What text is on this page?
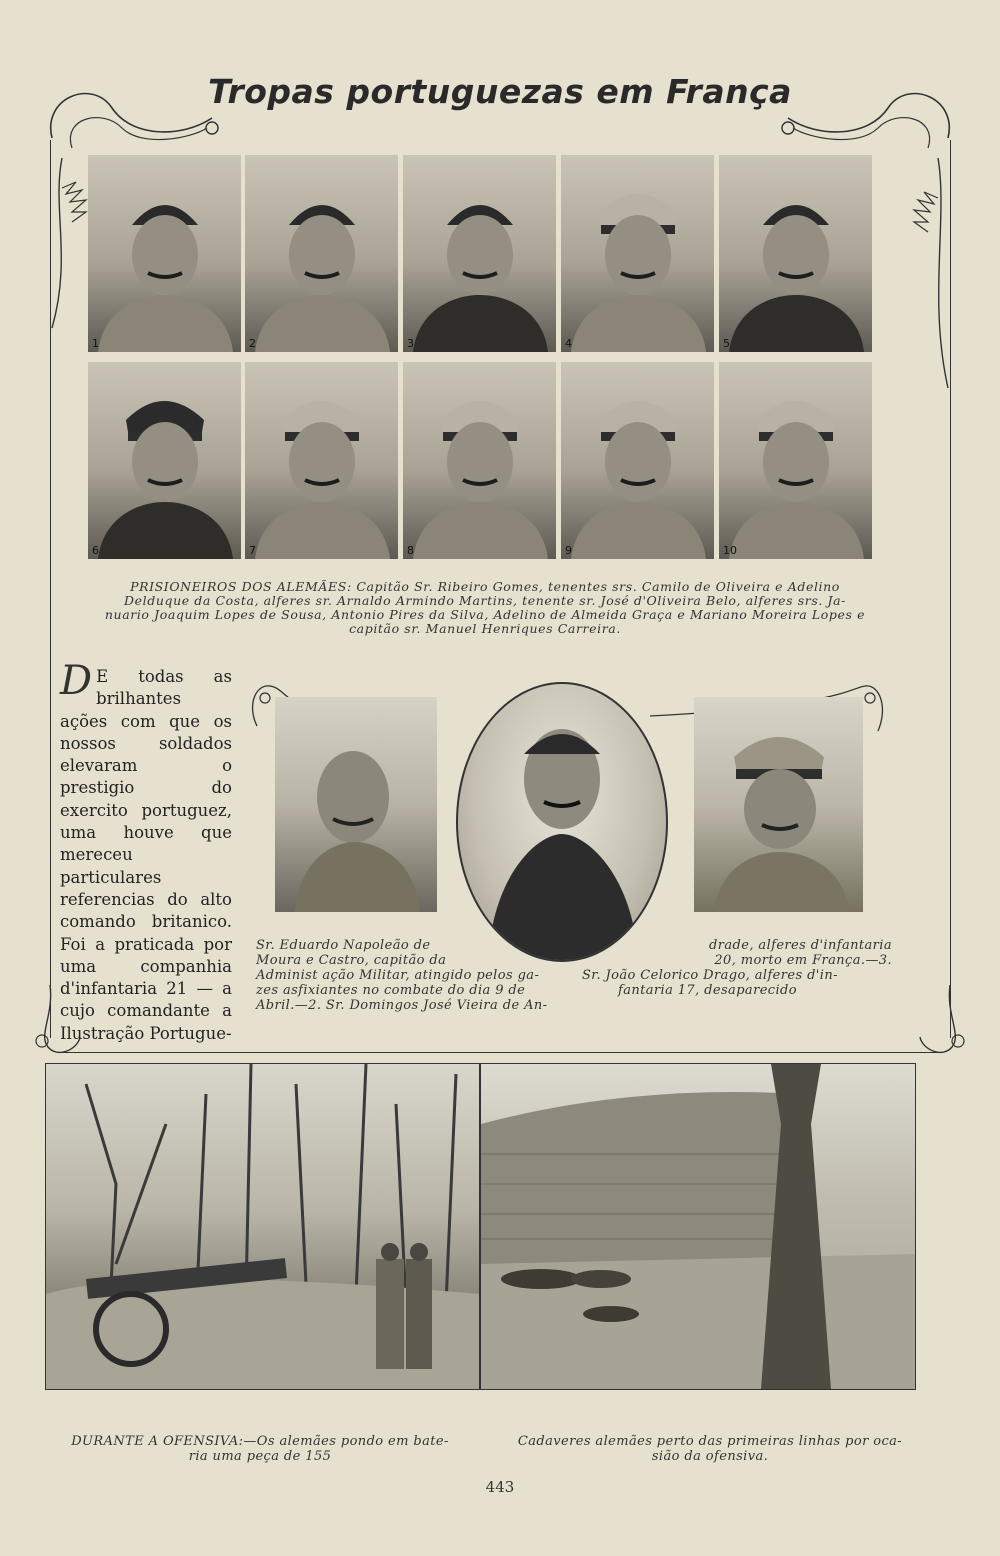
Tropas portuguezas em França
1	2	3	4	5
6	7	8	9	10
PRISIONEIROS DOS ALEMÃES: Capitão Sr. Ribeiro Gomes, tenentes srs. Camilo de Oliveira e Adelino
Delduque da Costa, alferes sr. Arnaldo Armindo Martins, tenente sr. José d'Oliveira Belo, alferes srs. Ja-
nuario Joaquim Lopes de Sousa, Antonio Pires da Silva, Adelino de Almeida Graça e Mariano Moreira Lopes e
capitão sr. Manuel Henriques Carreira.
D E todas as brilhantes ações com que os nossos soldados elevaram o prestigio do exercito portuguez, uma houve que mereceu particulares referencias do alto comando britanico. Foi a praticada por uma companhia d'infantaria 21 — a cujo comandante a Ilustração Portugue-
Sr. Eduardo Napoleão de
Moura e Castro, capitão da
Administ ação Militar, atingido pelos ga-
zes asfixiantes no combate do dia 9 de
Abril.—2. Sr. Domingos José Vieira de An-
drade, alferes d'infantaria
20, morto em França.—3.
Sr. João Celorico Drago, alferes d'in-
fantaria 17, desaparecido
DURANTE A OFENSIVA:—Os alemães pondo em bate-
ria uma peça de 155
Cadaveres alemães perto das primeiras linhas por oca-
sião da ofensiva.
443
